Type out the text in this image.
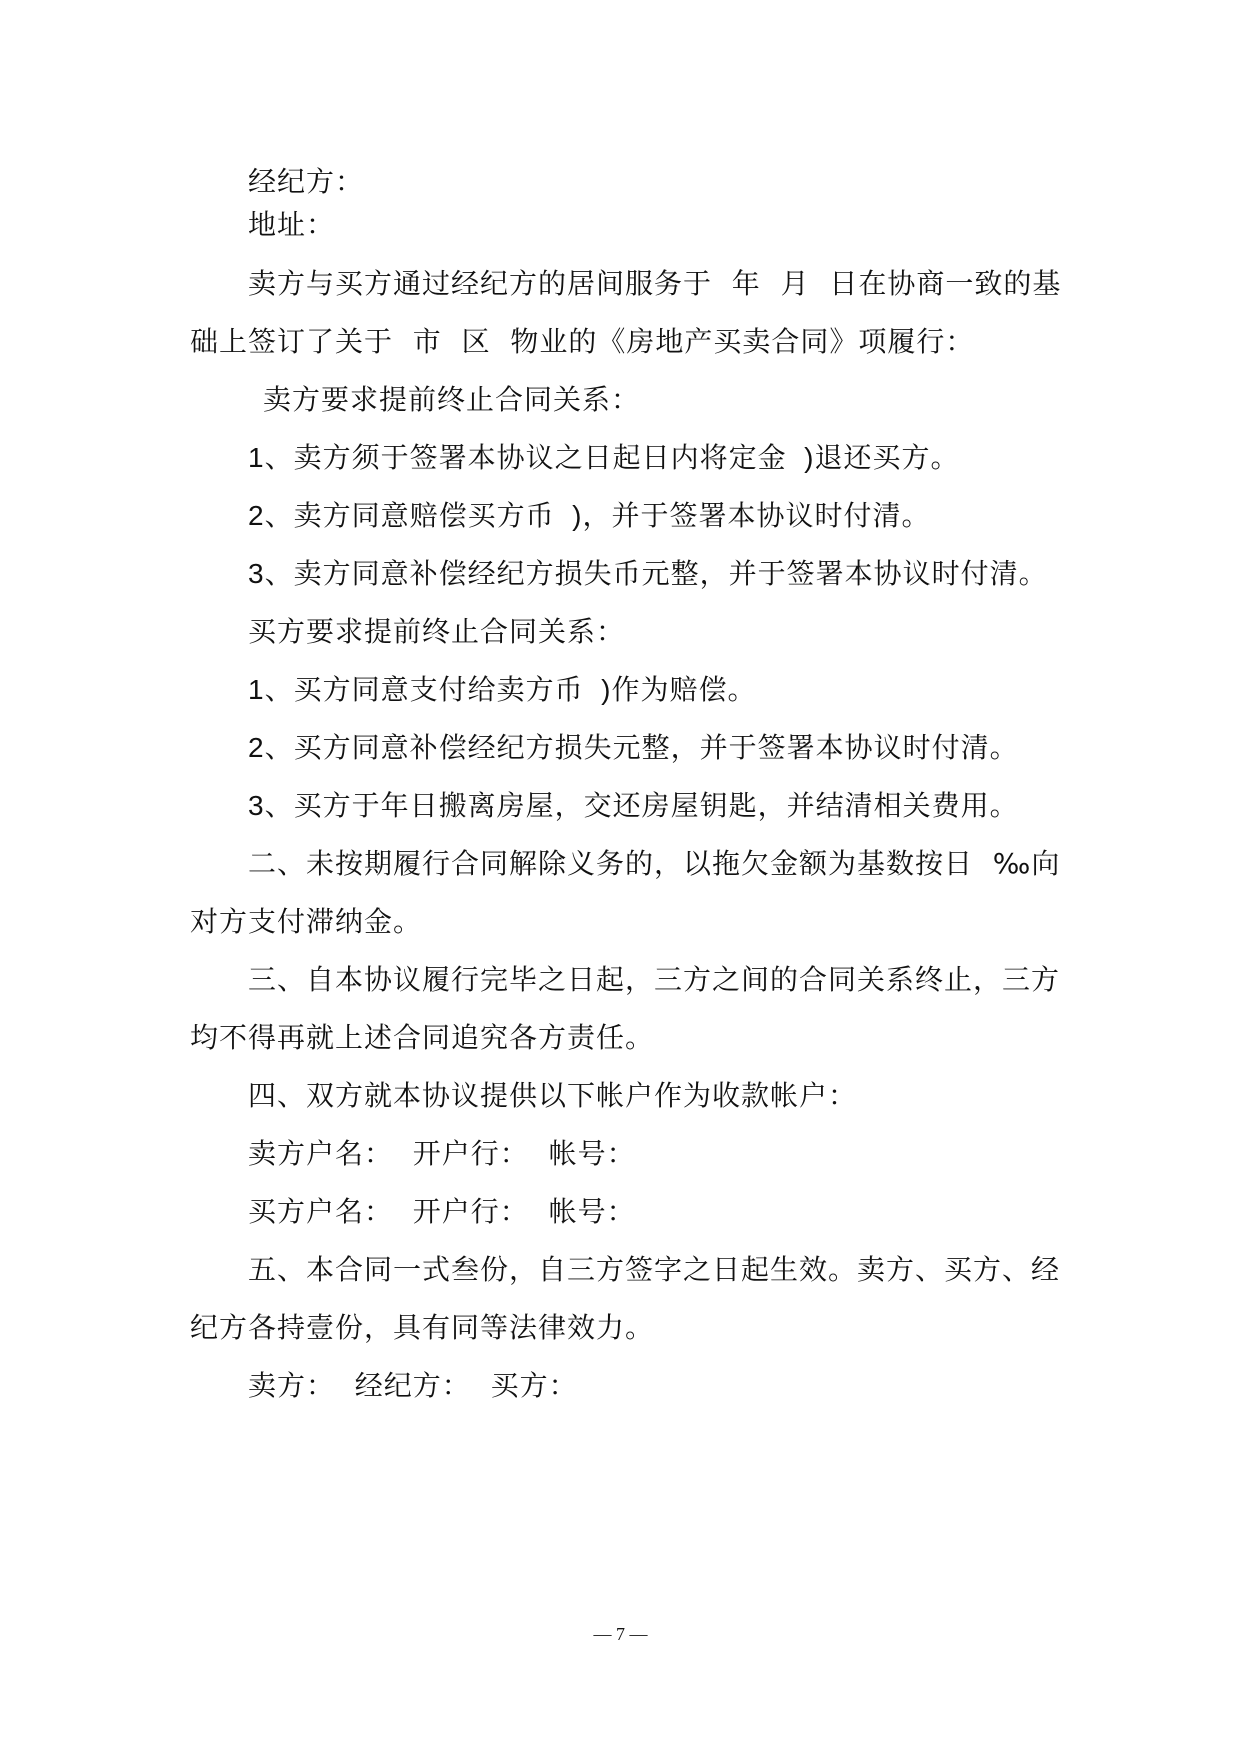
经纪方：

地址：

卖方与买方通过经纪方的居间服务于  年  月  日在协商一致的基

础上签订了关于  市  区  物业的《房地产买卖合同》项履行：

卖方要求提前终止合同关系：

1、卖方须于签署本协议之日起日内将定金  )退还买方。

2、卖方同意赔偿买方币  )，并于签署本协议时付清。

3、卖方同意补偿经纪方损失币元整，并于签署本协议时付清。

买方要求提前终止合同关系：

1、买方同意支付给卖方币  )作为赔偿。

2、买方同意补偿经纪方损失元整，并于签署本协议时付清。

3、买方于年日搬离房屋，交还房屋钥匙，并结清相关费用。

二、未按期履行合同解除义务的，以拖欠金额为基数按日  ‰向

对方支付滞纳金。

三、自本协议履行完毕之日起，三方之间的合同关系终止，三方

均不得再就上述合同追究各方责任。

四、双方就本协议提供以下帐户作为收款帐户：

卖方户名：  开户行：  帐号：

买方户名：  开户行：  帐号：

五、本合同一式叁份，自三方签字之日起生效。卖方、买方、经

纪方各持壹份，具有同等法律效力。

卖方：  经纪方：  买方：

— 7 —
